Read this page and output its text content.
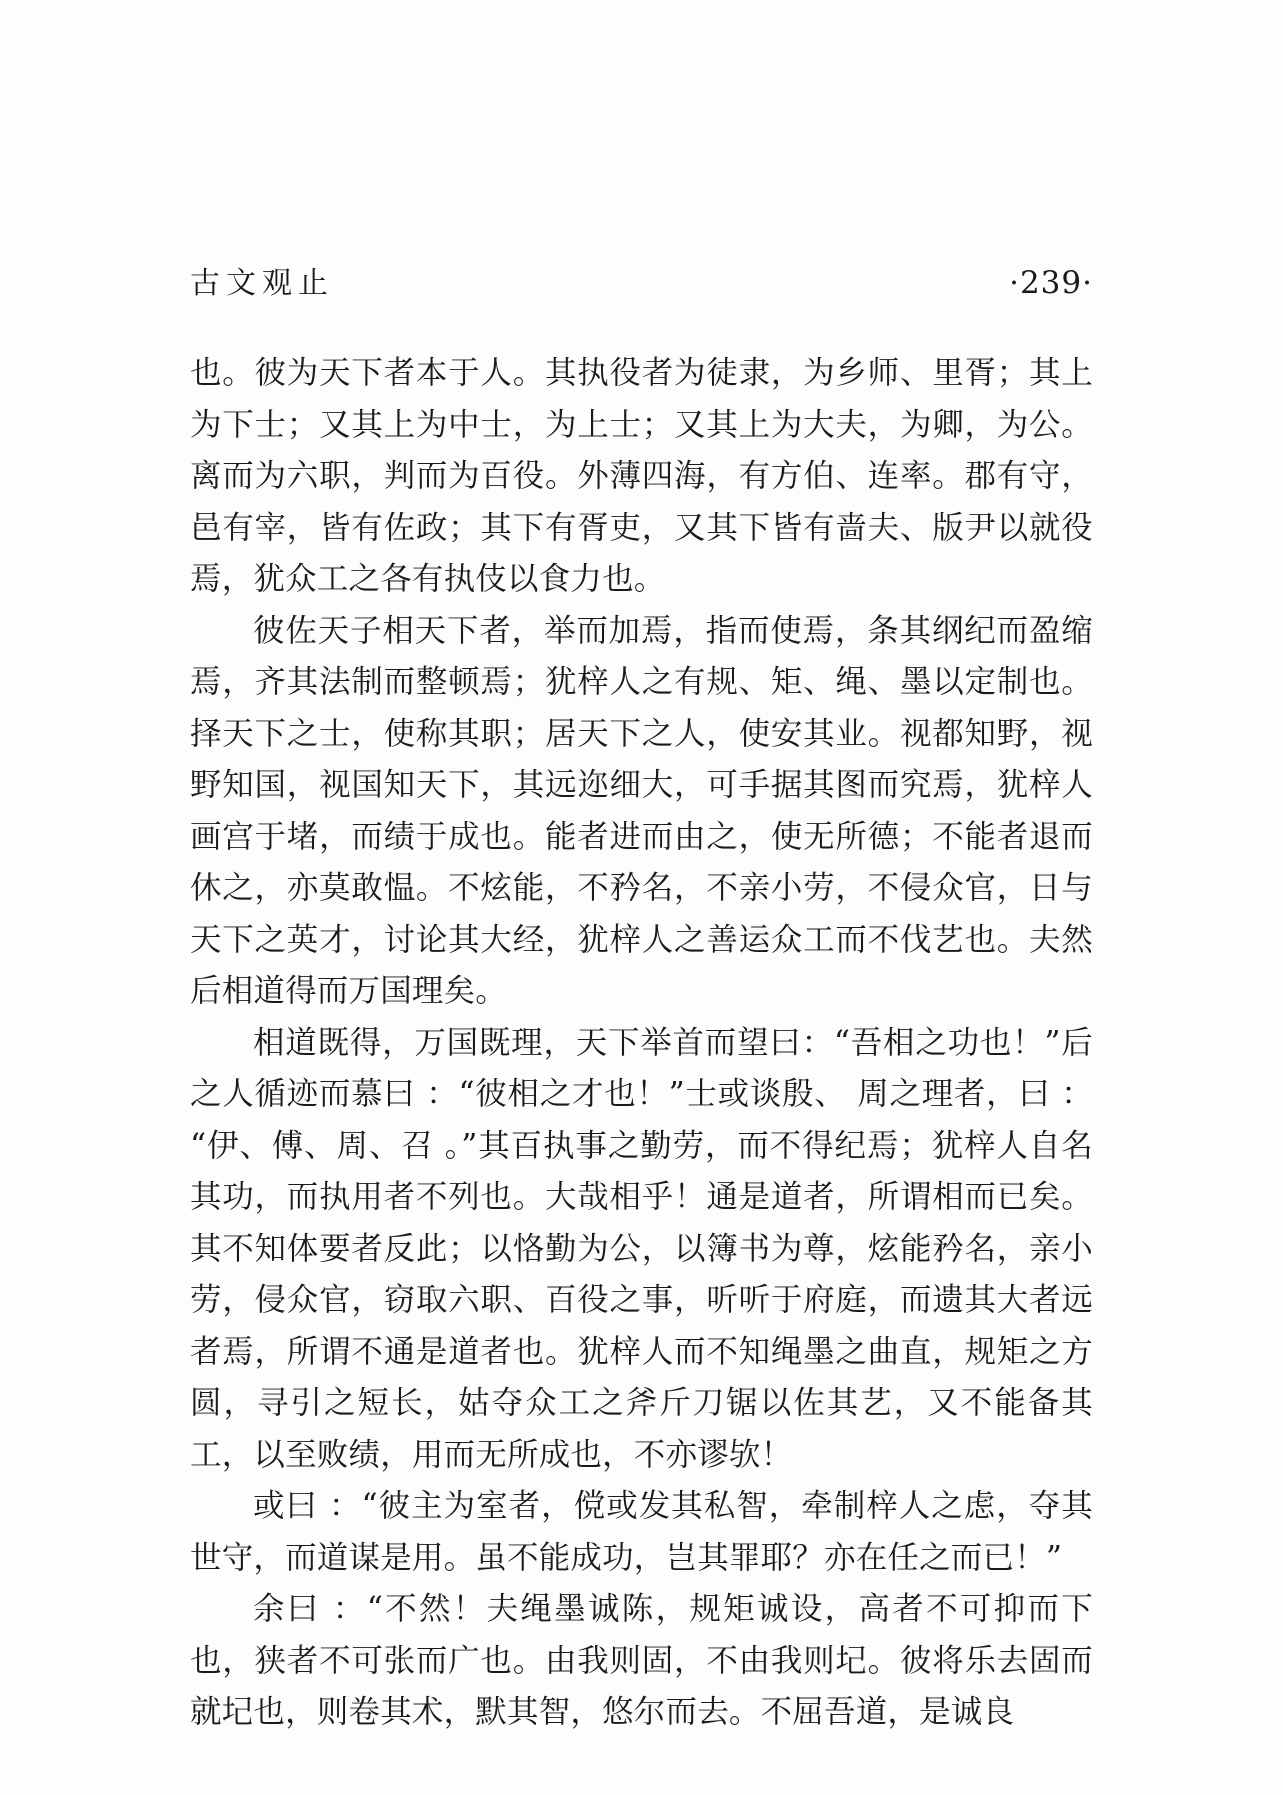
古文观止	·239·

也。彼为天下者本于人。其执役者为徒隶，为乡师、里胥；其上为下士；又其上为中士，为上士；又其上为大夫，为卿，为公。离而为六职，判而为百役。外薄四海，有方伯、连率。郡有守，邑有宰，皆有佐政；其下有胥吏，又其下皆有啬夫、版尹以就役焉，犹众工之各有执伎以食力也。

彼佐天子相天下者，举而加焉，指而使焉，条其纲纪而盈缩焉，齐其法制而整顿焉；犹梓人之有规、矩、绳、墨以定制也。择天下之士，使称其职；居天下之人，使安其业。视都知野，视野知国，视国知天下，其远迩细大，可手据其图而究焉，犹梓人画宫于堵，而绩于成也。能者进而由之，使无所德；不能者退而休之，亦莫敢愠。不炫能，不矜名，不亲小劳，不侵众官，日与天下之英才，讨论其大经，犹梓人之善运众工而不伐艺也。夫然后相道得而万国理矣。

相道既得，万国既理，天下举首而望曰：“吾相之功也！”后之人循迹而慕曰 ：“彼相之才也！”士或谈殷、 周之理者，曰 ：“伊、傅、周、召 。”其百执事之勤劳，而不得纪焉；犹梓人自名其功，而执用者不列也。大哉相乎！通是道者，所谓相而已矣。其不知体要者反此；以恪勤为公，以簿书为尊，炫能矜名，亲小劳，侵众官，窃取六职、百役之事，听听于府庭，而遗其大者远者焉，所谓不通是道者也。犹梓人而不知绳墨之曲直，规矩之方圆，寻引之短长，姑夺众工之斧斤刀锯以佐其艺，又不能备其工，以至败绩，用而无所成也，不亦谬欤！

或曰 ：“彼主为室者，傥或发其私智，牵制梓人之虑，夺其世守，而道谋是用。虽不能成功，岂其罪耶？亦在任之而已！”

余曰 ：“不然！夫绳墨诚陈，规矩诚设，高者不可抑而下也，狭者不可张而广也。由我则固，不由我则圮。彼将乐去固而就圮也，则卷其术，默其智，悠尔而去。不屈吾道，是诚良
